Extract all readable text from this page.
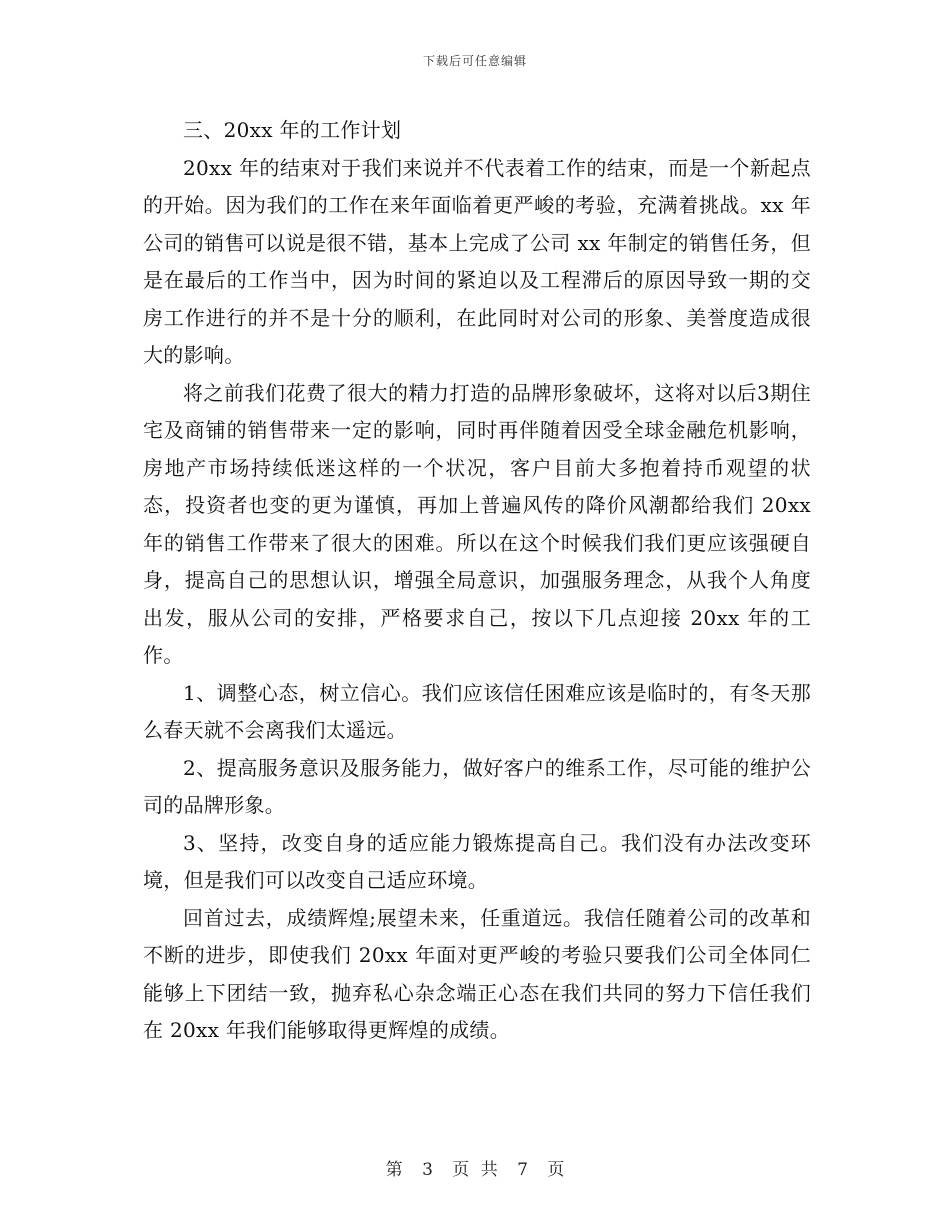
下载后可任意编辑

三、20xx 年的工作计划

20xx 年的结束对于我们来说并不代表着工作的结束，而是一个新起点的开始。因为我们的工作在来年面临着更严峻的考验，充满着挑战。xx 年公司的销售可以说是很不错，基本上完成了公司 xx 年制定的销售任务，但是在最后的工作当中，因为时间的紧迫以及工程滞后的原因导致一期的交房工作进行的并不是十分的顺利，在此同时对公司的形象、美誉度造成很大的影响。

将之前我们花费了很大的精力打造的品牌形象破坏，这将对以后3期住宅及商铺的销售带来一定的影响，同时再伴随着因受全球金融危机影响，房地产市场持续低迷这样的一个状况，客户目前大多抱着持币观望的状态，投资者也变的更为谨慎，再加上普遍风传的降价风潮都给我们 20xx 年的销售工作带来了很大的困难。所以在这个时候我们我们更应该强硬自身，提高自己的思想认识，增强全局意识，加强服务理念，从我个人角度出发，服从公司的安排，严格要求自己，按以下几点迎接 20xx 年的工作。

1、调整心态，树立信心。我们应该信任困难应该是临时的，有冬天那么春天就不会离我们太遥远。

2、提高服务意识及服务能力，做好客户的维系工作，尽可能的维护公司的品牌形象。

3、坚持，改变自身的适应能力锻炼提高自己。我们没有办法改变环境，但是我们可以改变自己适应环境。

回首过去，成绩辉煌;展望未来，任重道远。我信任随着公司的改革和不断的进步，即使我们 20xx 年面对更严峻的考验只要我们公司全体同仁能够上下团结一致，抛弃私心杂念端正心态在我们共同的努力下信任我们在 20xx 年我们能够取得更辉煌的成绩。

第 3 页 共 7 页
